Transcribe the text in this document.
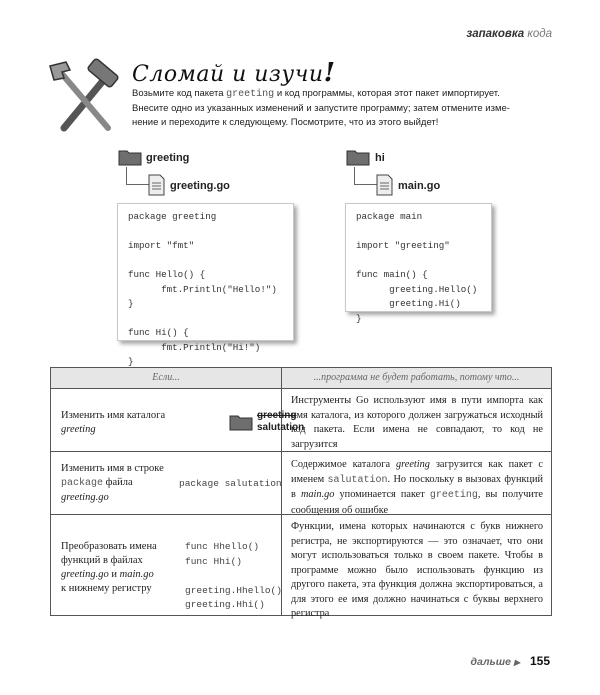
запаковка кода
Сломай и изучи!
Возьмите код пакета greeting и код программы, которая этот пакет импортирует. Внесите одно из указанных изменений и запустите программу; затем отмените изменение и переходите к следующему. Посмотрите, что из этого выйдет!
greeting
greeting.go
package greeting

import "fmt"

func Hello() {
fmt.Println("Hello!")
}

func Hi() {
fmt.Println("Hi!")
}
hi
main.go
package main

import "greeting"

func main() {
greeting.Hello()
greeting.Hi()
}
Если...	...программа не будет работать, потому что...
Изменить имя каталога
greeting
greeting
salutation
Инструменты Go используют имя в пути импорта как имя каталога, из которого должен загружаться исходный код пакета. Если имена не совпадают, то код не загрузится
Изменить имя в строке
package файла greeting.go
package salutation
Содержимое каталога greeting загрузится как пакет с именем salutation. Но поскольку в вызовах функций в main.go упоминается пакет greeting, вы получите сообщения об ошибке
Преобразовать имена функций в файлах
greeting.go и main.go
к нижнему регистру
func Hhello()
func Hhi()

greeting.Hhello()
greeting.Hhi()
Функции, имена которых начинаются с букв нижнего регистра, не экспортируются — это означает, что они могут использоваться только в своем пакете. Чтобы в программе можно было использовать функцию из другого пакета, эта функция должна экспортироваться, а для этого ее имя должно начинаться с буквы верхнего регистра
дальше ▶ 155
